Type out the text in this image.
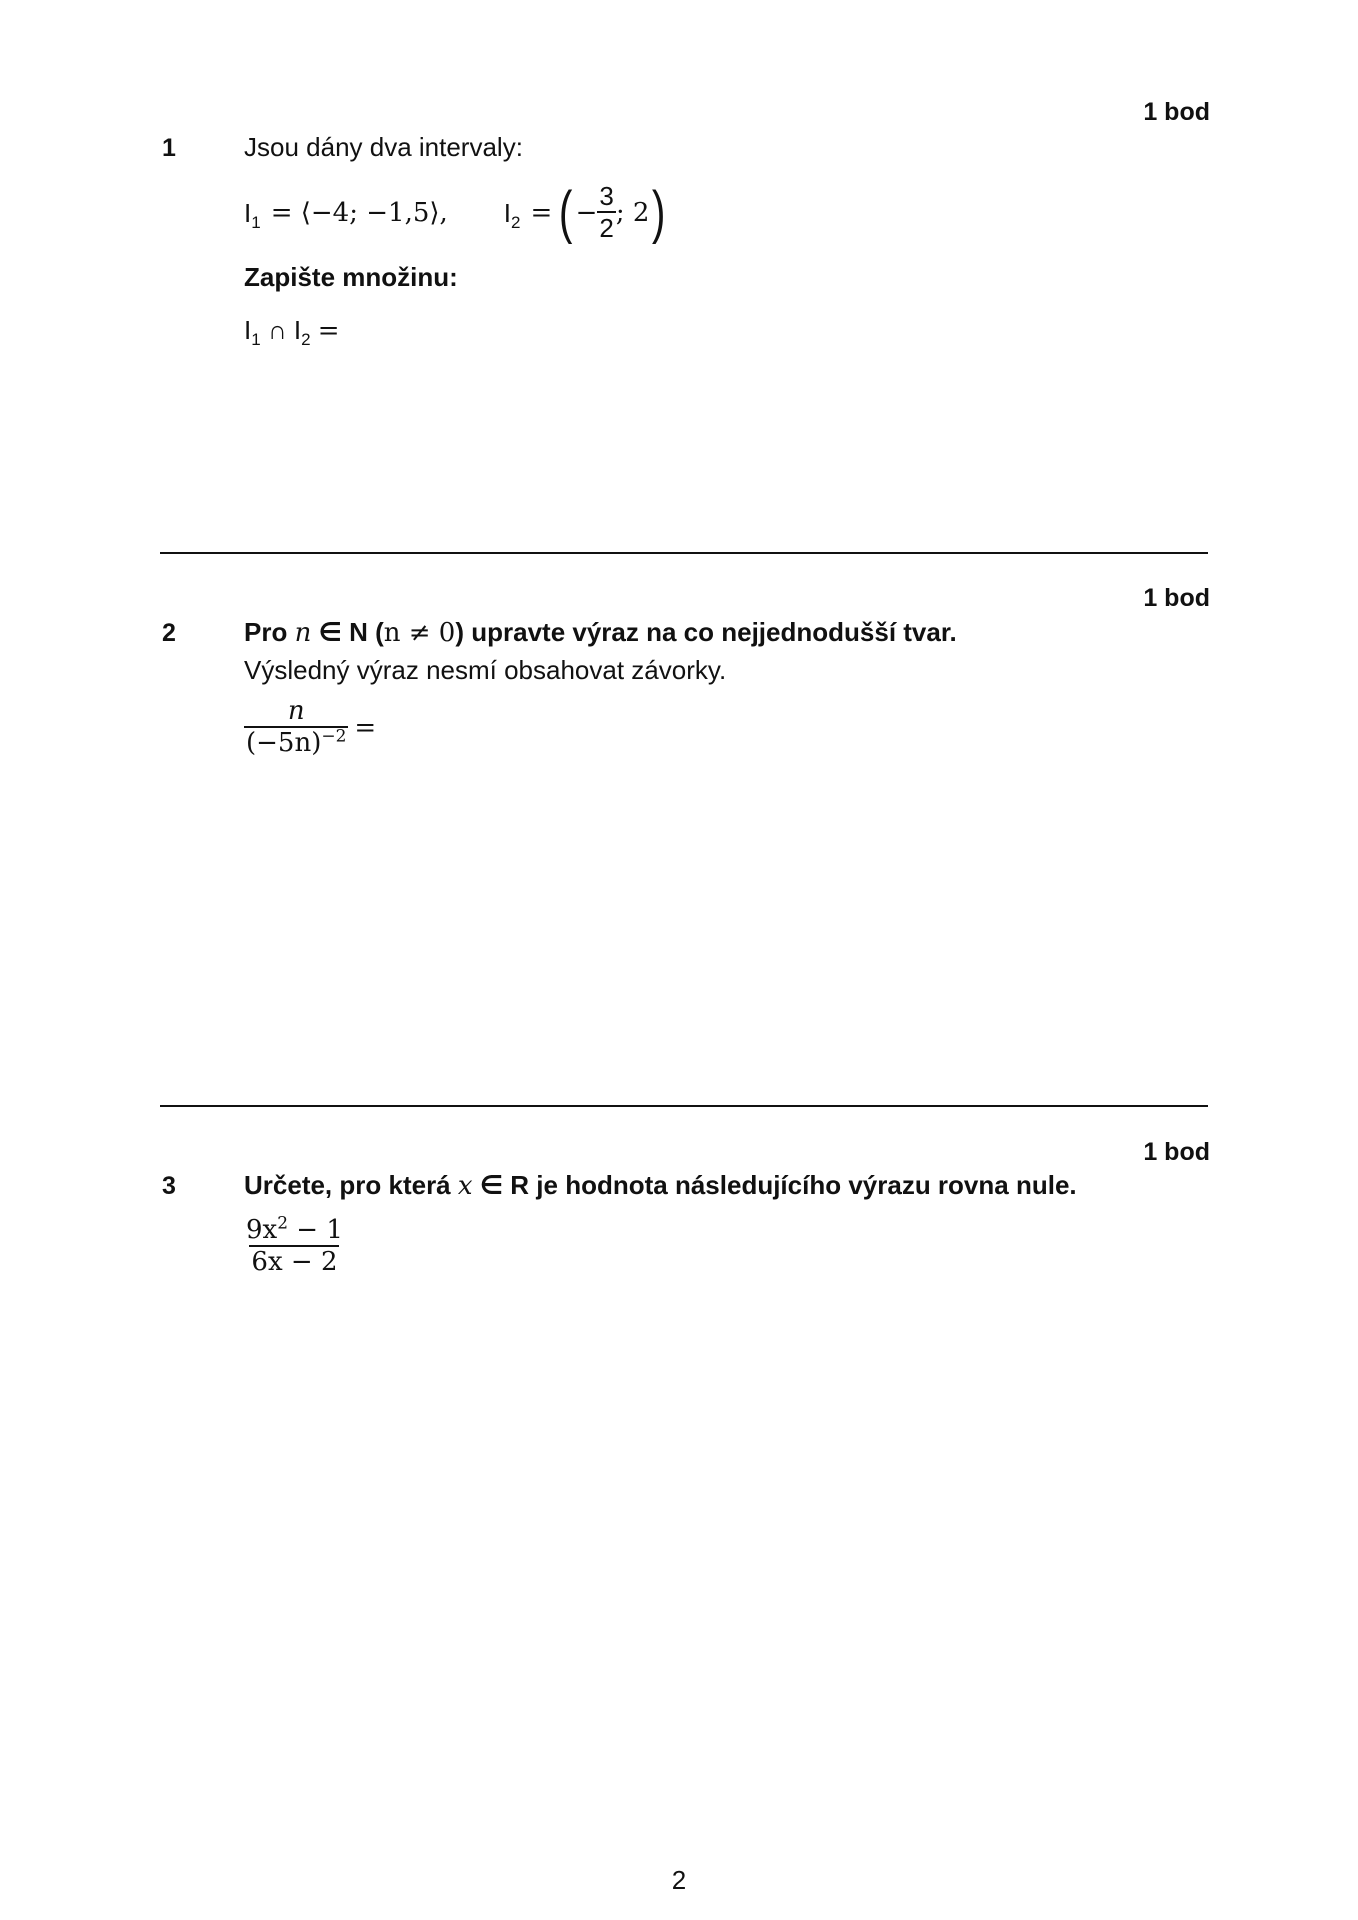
1 bod
1	Jsou dány dva intervaly:
$I_1$ = ⟨−4; −1,5⟩, $I_2$ = ( − $\frac{3}{2}$ ; 2 )
Zapište množinu:
$I_1$ ∩ $I_2$ =
1 bod
2	Pro n ∈ N (n ≠ 0) upravte výraz na co nejjednodušší tvar.
Výsledný výraz nesmí obsahovat závorky.
$\frac{n}{(-5n)^{-2}}$ =
1 bod
3	Určete, pro která x ∈ R je hodnota následujícího výrazu rovna nule.
$\frac{9x^2 - 1}{6x - 2}$
2
